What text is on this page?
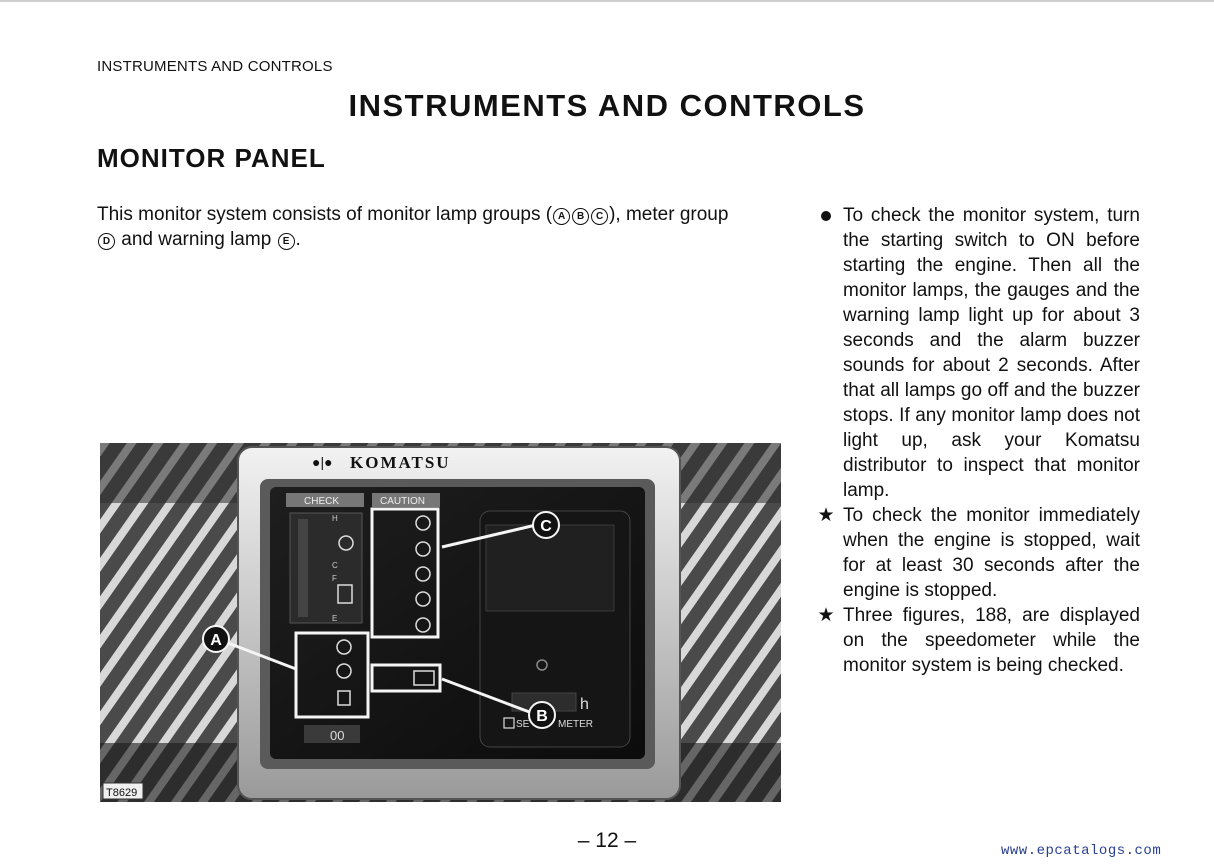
INSTRUMENTS AND CONTROLS
INSTRUMENTS AND CONTROLS
MONITOR PANEL
This monitor system consists of monitor lamp groups ( A B C ), meter group
D and warning lamp E .

To check the monitor system, turn the starting switch to ON before starting the engine. Then all the monitor lamps, the gauges and the warning lamp light up for about 3 seconds and the alarm buzzer sounds for about 2 seconds. After that all lamps go off and the buzzer stops. If any monitor lamp does not light up, ask your Komatsu distributor to inspect that monitor lamp.

★ To check the monitor immediately when the engine is stopped, wait for at least 30 seconds after the engine is stopped.

★ Three figures, 188, are displayed on the speedometer while the monitor system is being checked.

●|● KOMATSU
CHECK	CAUTION
H
C
F
E
00
h
SE	METER
A
C
B
T8629
– 12 –	www.epcatalogs.com
